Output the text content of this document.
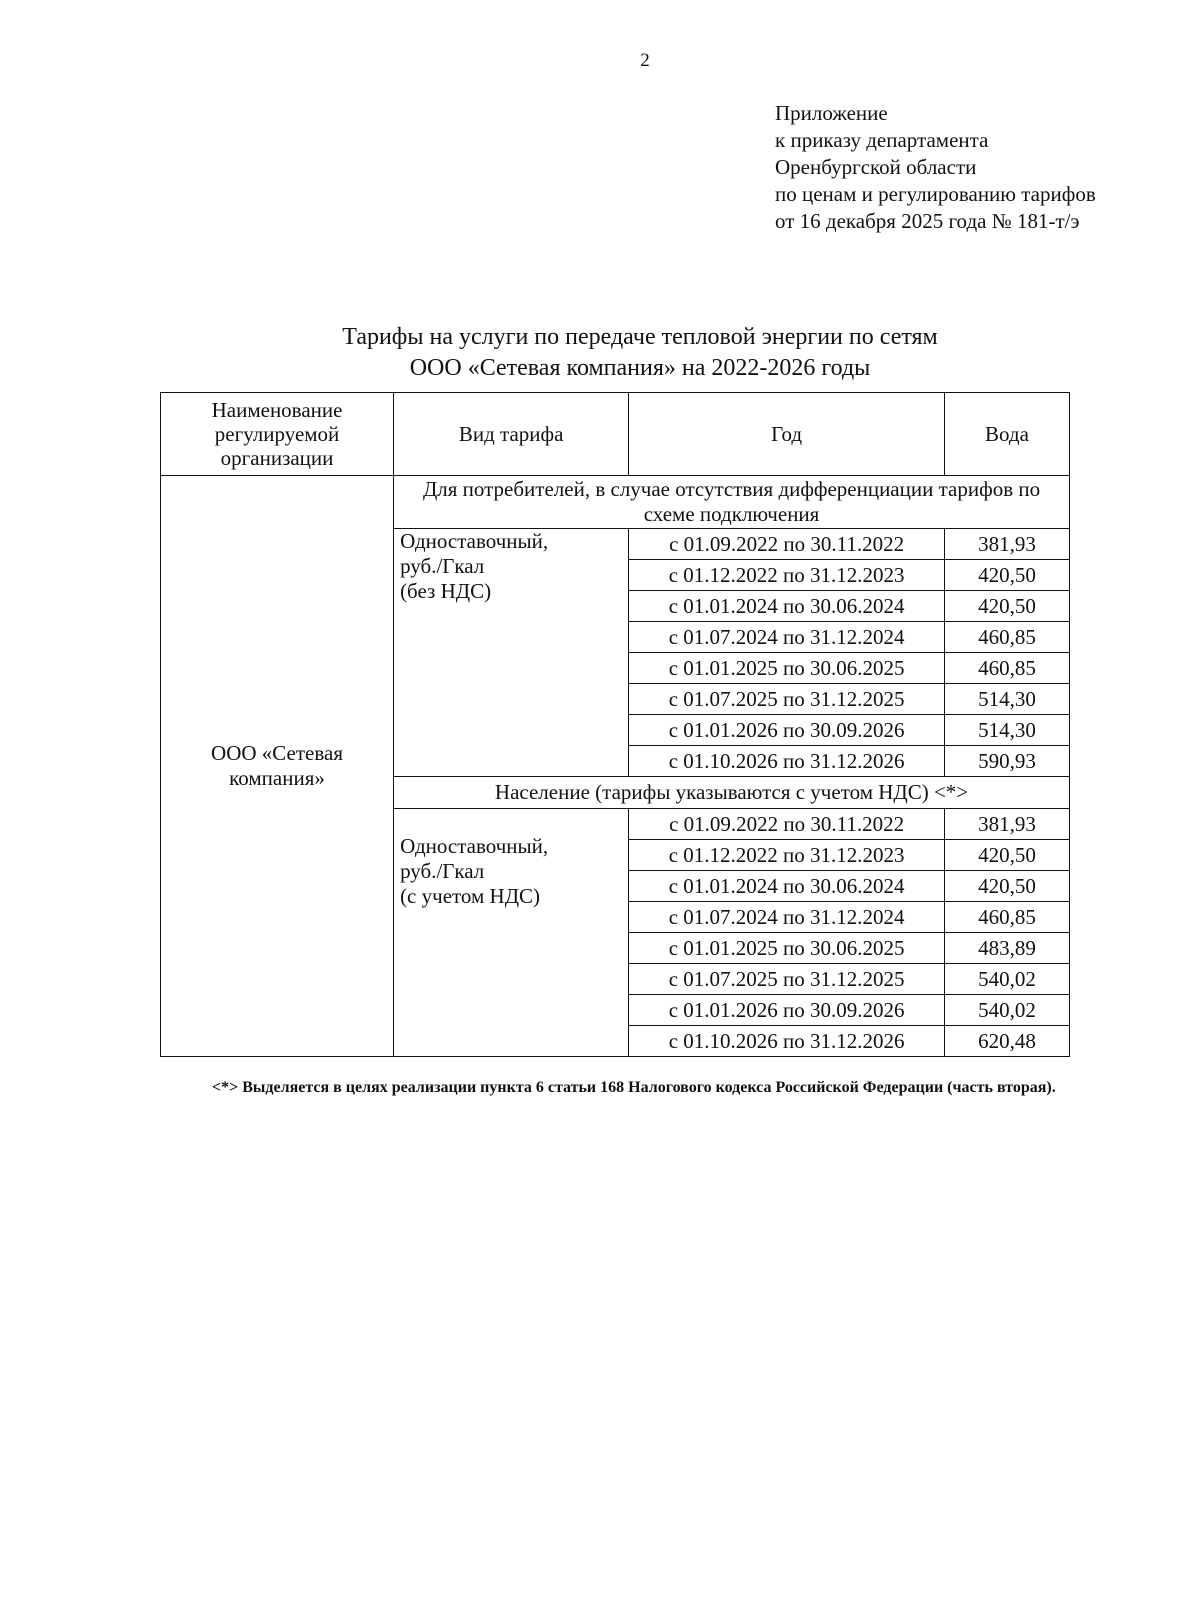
2
Приложение
к приказу департамента
Оренбургской области
по ценам и регулированию тарифов
от 16 декабря 2025 года № 181-т/э
Тарифы на услуги по передаче тепловой энергии по сетям
ООО «Сетевая компания» на 2022-2026 годы
Наименование регулируемой организации	Вид тарифа	Год	Вода
ООО «Сетевая компания»	Для потребителей, в случае отсутствия дифференциации тарифов по схеме подключения		

	Одноставочный,
руб./Гкал
(без НДС)	с 01.09.2022 по 30.11.2022	381,93
		с 01.12.2022 по 31.12.2023	420,50
		с 01.01.2024 по 30.06.2024	420,50
		с 01.07.2024 по 31.12.2024	460,85
		с 01.01.2025 по 30.06.2025	460,85
		с 01.07.2025 по 31.12.2025	514,30
		с 01.01.2026 по 30.09.2026	514,30
		с 01.10.2026 по 31.12.2026	590,93
	Население (тарифы указываются с учетом НДС) <*>		

	Одноставочный,
руб./Гкал
(с учетом НДС)	с 01.09.2022 по 30.11.2022	381,93
		с 01.12.2022 по 31.12.2023	420,50
		с 01.01.2024 по 30.06.2024	420,50
		с 01.07.2024 по 31.12.2024	460,85
		с 01.01.2025 по 30.06.2025	483,89
		с 01.07.2025 по 31.12.2025	540,02
		с 01.01.2026 по 30.09.2026	540,02
		с 01.10.2026 по 31.12.2026	620,48
<*> Выделяется в целях реализации пункта 6 статьи 168 Налогового кодекса Российской Федерации (часть вторая).
